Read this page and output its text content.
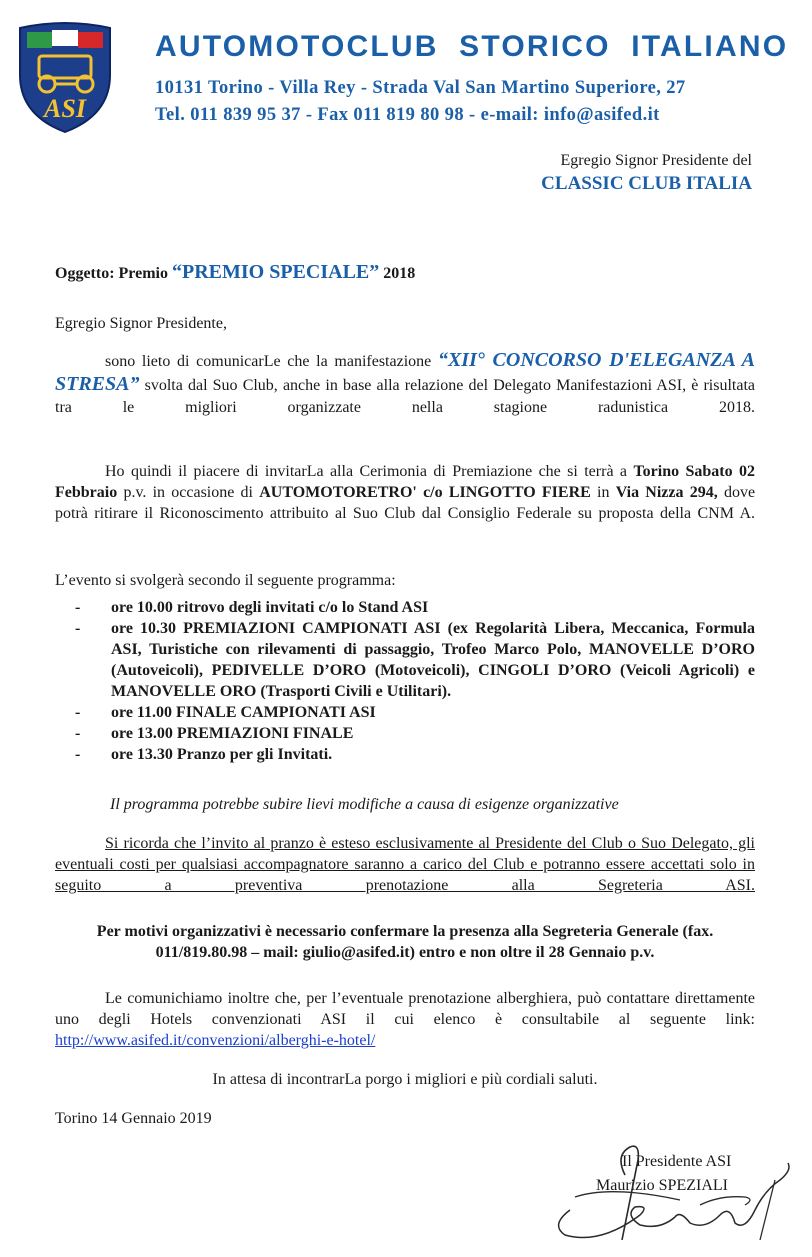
ASI
AUTOMOTOCLUB STORICO ITALIANO
10131 Torino - Villa Rey - Strada Val San Martino Superiore, 27
Tel. 011 839 95 37 - Fax 011 819 80 98 - e-mail: info@asifed.it
Egregio Signor Presidente del
CLASSIC CLUB ITALIA
Oggetto: Premio “PREMIO SPECIALE” 2018
Egregio Signor Presidente,
sono lieto di comunicarLe che la manifestazione “XII° CONCORSO D'ELEGANZA A STRESA” svolta dal Suo Club, anche in base alla relazione del Delegato Manifestazioni ASI, è risultata tra le migliori organizzate nella stagione radunistica 2018.
Ho quindi il piacere di invitarLa alla Cerimonia di Premiazione che si terrà a Torino Sabato 02 Febbraio p.v. in occasione di AUTOMOTORETRO' c/o LINGOTTO FIERE in Via Nizza 294, dove potrà ritirare il Riconoscimento attribuito al Suo Club dal Consiglio Federale su proposta della CNM A.
L’evento si svolgerà secondo il seguente programma:
- ore 10.00 ritrovo degli invitati c/o lo Stand ASI
- ore 10.30 PREMIAZIONI CAMPIONATI ASI (ex Regolarità Libera, Meccanica, Formula ASI, Turistiche con rilevamenti di passaggio, Trofeo Marco Polo, MANOVELLE D’ORO (Autoveicoli), PEDIVELLE D’ORO (Motoveicoli), CINGOLI D’ORO (Veicoli Agricoli) e MANOVELLE ORO (Trasporti Civili e Utilitari).
- ore 11.00 FINALE CAMPIONATI ASI
- ore 13.00 PREMIAZIONI FINALE
- ore 13.30 Pranzo per gli Invitati.
Il programma potrebbe subire lievi modifiche a causa di esigenze organizzative
Si ricorda che l’invito al pranzo è esteso esclusivamente al Presidente del Club o Suo Delegato, gli eventuali costi per qualsiasi accompagnatore saranno a carico del Club e potranno essere accettati solo in seguito a preventiva prenotazione alla Segreteria ASI.
Per motivi organizzativi è necessario confermare la presenza alla Segreteria Generale (fax. 011/819.80.98 – mail: giulio@asifed.it) entro e non oltre il 28 Gennaio p.v.
Le comunichiamo inoltre che, per l’eventuale prenotazione alberghiera, può contattare direttamente uno degli Hotels convenzionati ASI il cui elenco è consultabile al seguente link: http://www.asifed.it/convenzioni/alberghi-e-hotel/
In attesa di incontrarLa porgo i migliori e più cordiali saluti.
Torino 14 Gennaio 2019
Il Presidente ASI
Maurizio SPEZIALI
